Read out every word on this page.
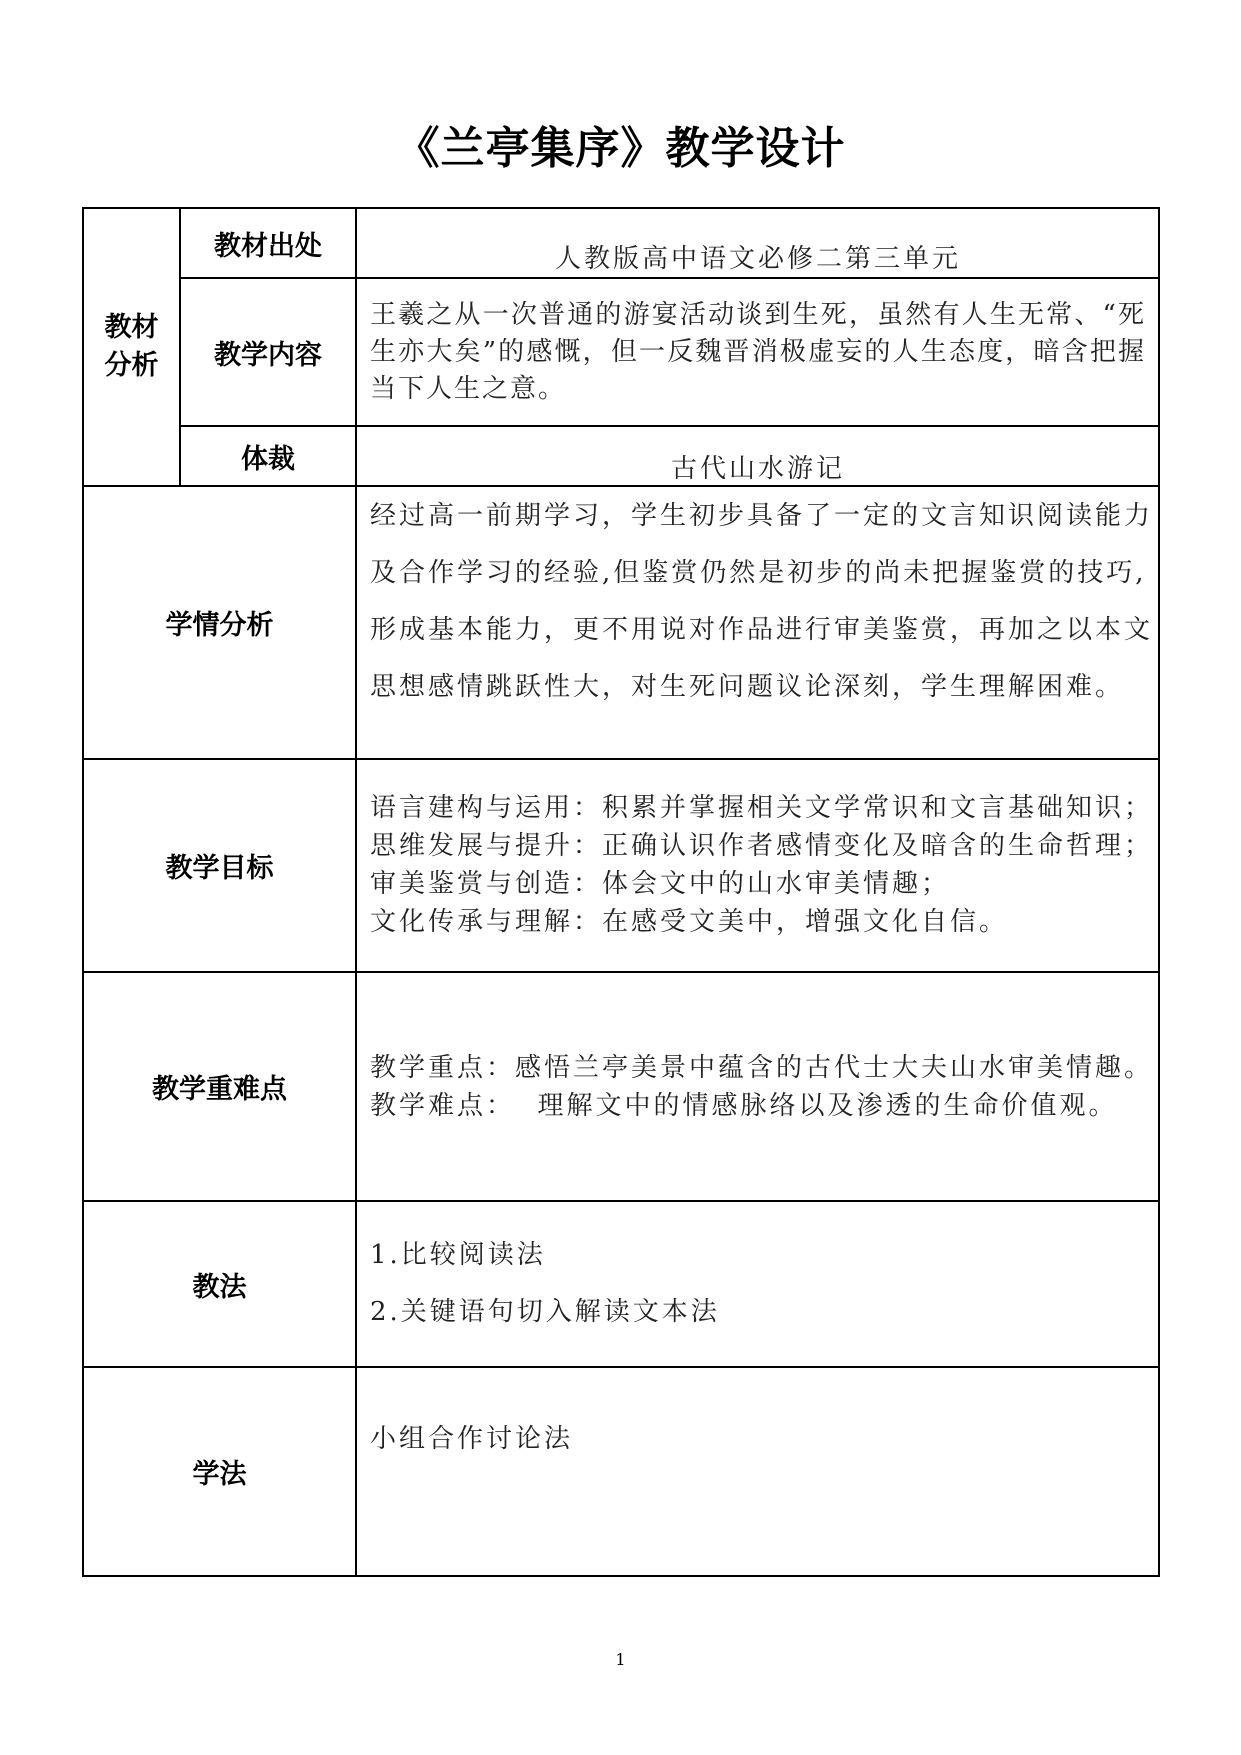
《兰亭集序》教学设计
教材
分析	教材出处	人教版高中语文必修二第三单元
	教学内容	王羲之从一次普通的游宴活动谈到生死，虽然有人生无常、“死生亦大矣”的感慨，但一反魏晋消极虚妄的人生态度，暗含把握当下人生之意。
	体裁	古代山水游记
学情分析		经过高一前期学习，学生初步具备了一定的文言知识阅读能力
及合作学习的经验,但鉴赏仍然是初步的尚未把握鉴赏的技巧,
形成基本能力，更不用说对作品进行审美鉴赏，再加之以本文
思想感情跳跃性大，对生死问题议论深刻，学生理解困难。

教学目标		语言建构与运用：积累并掌握相关文学常识和文言基础知识；
思维发展与提升：正确认识作者感情变化及暗含的生命哲理；
审美鉴赏与创造：体会文中的山水审美情趣；
文化传承与理解：在感受文美中，增强文化自信。

教学重难点		教学重点：感悟兰亭美景中蕴含的古代士大夫山水审美情趣。
教学难点：  理解文中的情感脉络以及渗透的生命价值观。

教法		1.比较阅读法
2.关键语句切入解读文本法

学法		小组合作讨论法
1
